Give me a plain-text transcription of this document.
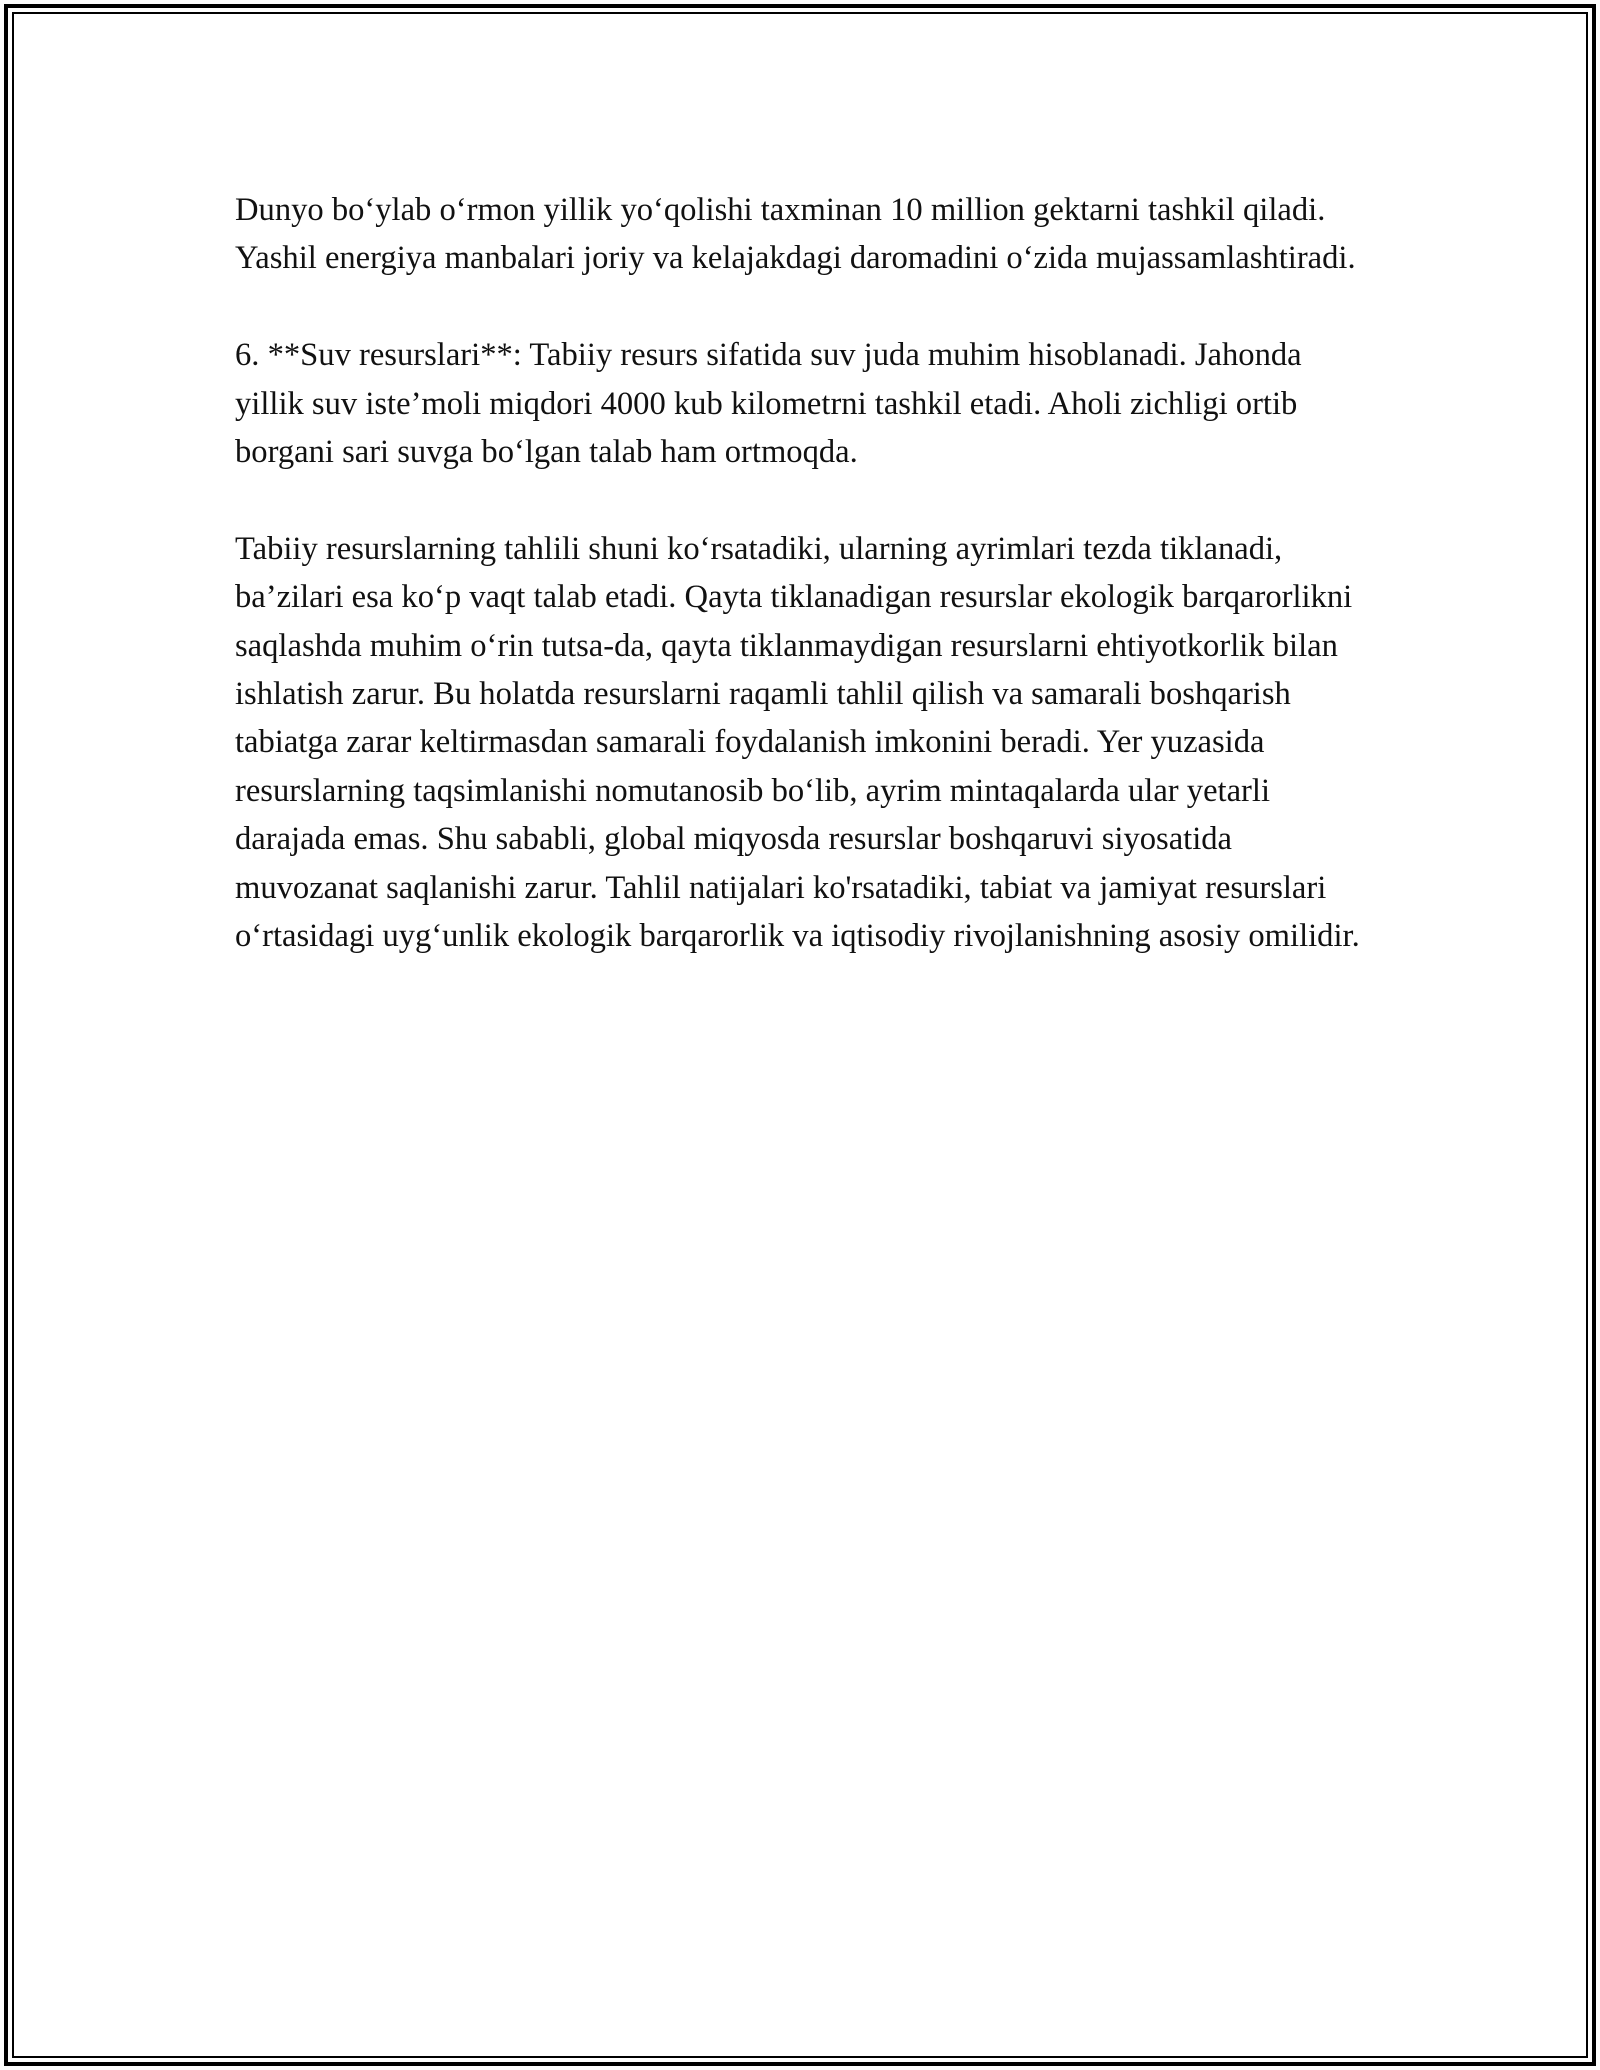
Dunyo bo‘ylab o‘rmon yillik yo‘qolishi taxminan 10 million gektarni tashkil qiladi. Yashil energiya manbalari joriy va kelajakdagi daromadini o‘zida mujassamlashtiradi.

6. **Suv resurslari**: Tabiiy resurs sifatida suv juda muhim hisoblanadi. Jahonda yillik suv iste’moli miqdori 4000 kub kilometrni tashkil etadi. Aholi zichligi ortib borgani sari suvga bo‘lgan talab ham ortmoqda.

Tabiiy resurslarning tahlili shuni ko‘rsatadiki, ularning ayrimlari tezda tiklanadi, ba’zilari esa ko‘p vaqt talab etadi. Qayta tiklanadigan resurslar ekologik barqarorlikni saqlashda muhim o‘rin tutsa-da, qayta tiklanmaydigan resurslarni ehtiyotkorlik bilan ishlatish zarur. Bu holatda resurslarni raqamli tahlil qilish va samarali boshqarish tabiatga zarar keltirmasdan samarali foydalanish imkonini beradi. Yer yuzasida resurslarning taqsimlanishi nomutanosib bo‘lib, ayrim mintaqalarda ular yetarli darajada emas. Shu sababli, global miqyosda resurslar boshqaruvi siyosatida muvozanat saqlanishi zarur. Tahlil natijalari ko'rsatadiki, tabiat va jamiyat resurslari o‘rtasidagi uyg‘unlik ekologik barqarorlik va iqtisodiy rivojlanishning asosiy omilidir.
